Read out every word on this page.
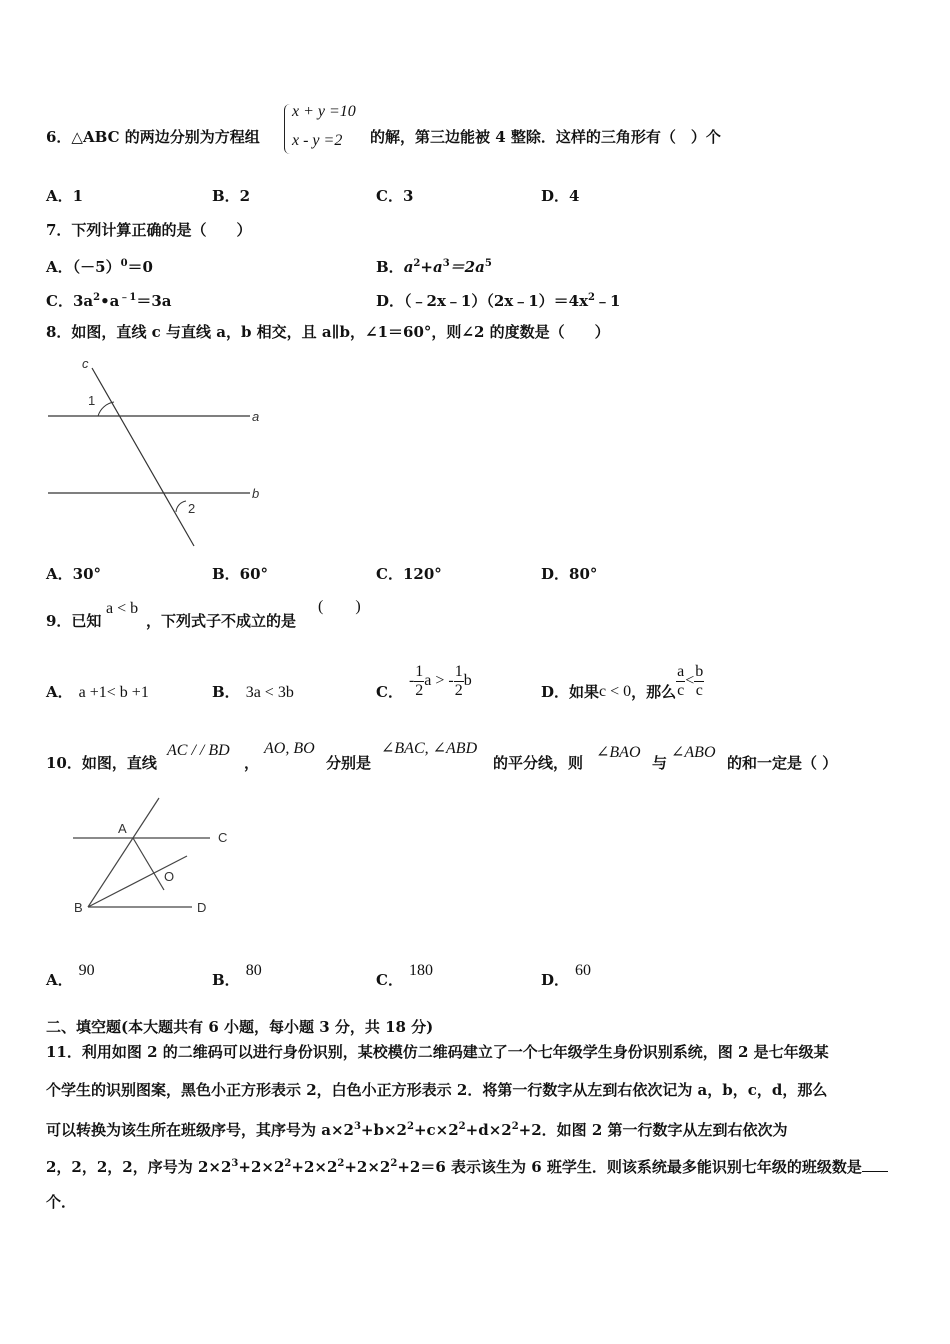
6．△ABC 的两边分别为方程组
x + y =10
x - y =2 的解，第三边能被 4 整除．这样的三角形有（　）个
A．1	B．2	C．3	D．4
7．下列计算正确的是（　　）
A．$(-5)^0=0$	B．$a^2+a^3=2a^5$
C．$3a^2•a^{﹣1}=3a$	D．$(﹣2x﹣1)(2x﹣1)=4x^2﹣1$
8．如图，直线 c 与直线 a，b 相交，且 a∥b，∠1＝60°，则∠2 的度数是（　　）
c
1
a
b
2
A．30°	B．60°	C．120°	D．80°
9．已知
a < b
，下列式子不成立的是
(　　)
A． a +1< b +1	B． 3a < 3b	C．- $\frac{1}{2}$ a > - $\frac{1}{2}$ b
D．如果c < 0，那么 $\frac{a}{c} < \frac{b}{c}$
10．如图，直线
AC / / BD
，
AO, BO
分别是
∠BAC, ∠ABD
的平分线，则
∠BAO
与
∠ABO
的和一定是（ ）
A
C
B	D
O
A．90
B．80
C．180
D．60
二、填空题(本大题共有 6 小题，每小题 3 分，共 18 分)
11．利用如图 2 的二维码可以进行身份识别，某校模仿二维码建立了一个七年级学生身份识别系统，图 2 是七年级某
个学生的识别图案，黑色小正方形表示 2，白色小正方形表示 2．将第一行数字从左到右依次记为 a，b，c，d，那么
可以转换为该生所在班级序号，其序号为 $a\times 2^3+b\times 2^2+c\times 2^2+d\times 2^2+2$．如图 2 第一行数字从左到右依次为
2，2，2，2，序号为 $2\times 2^3+2\times 2^2+2\times 2^2+2\times 2^2+2=6$ 表示该生为 6 班学生．则该系统最多能识别七年级的班级数是
个．
